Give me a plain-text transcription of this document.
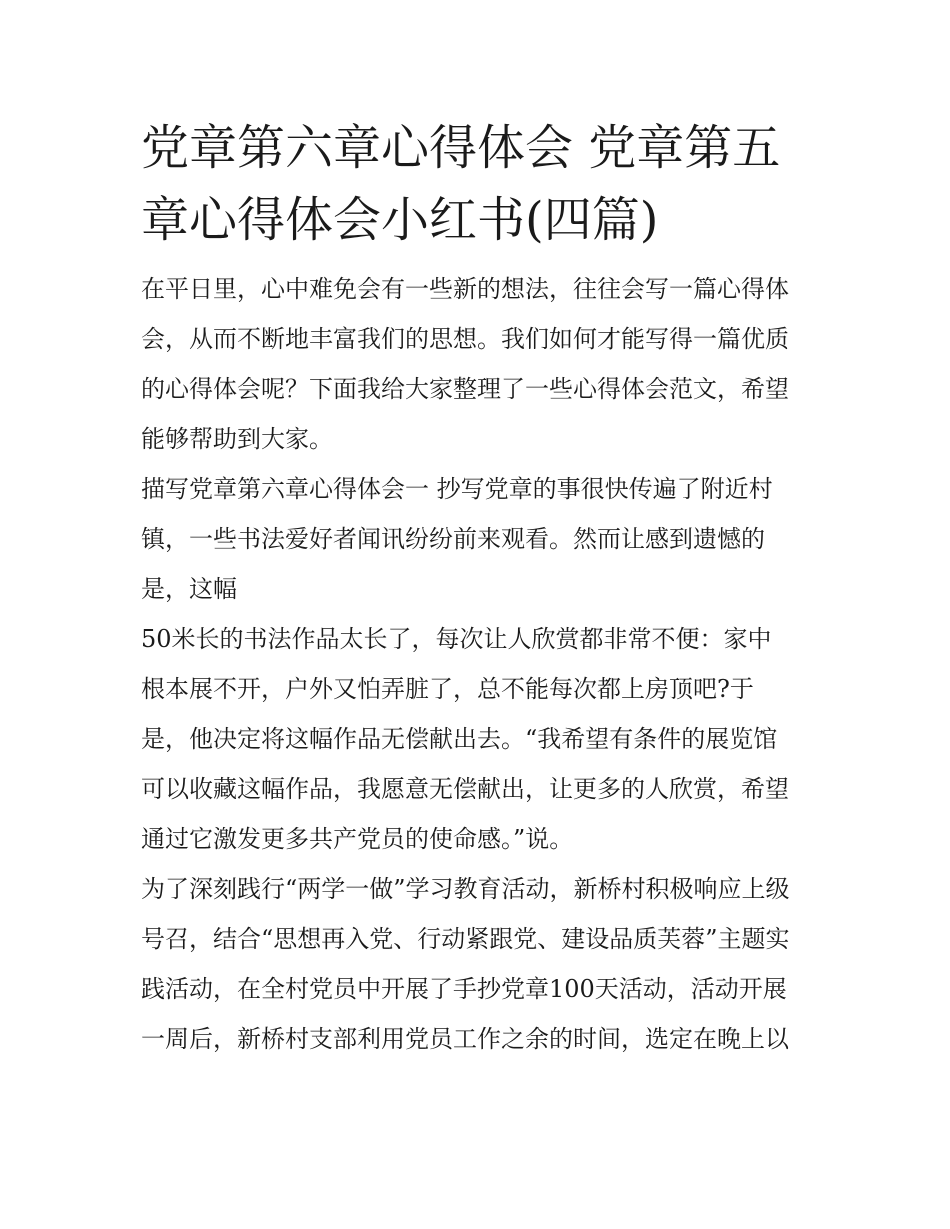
党章第六章心得体会 党章第五
章心得体会小红书(四篇)

在平日里，心中难免会有一些新的想法，往往会写一篇心得体
会，从而不断地丰富我们的思想。我们如何才能写得一篇优质
的心得体会呢？下面我给大家整理了一些心得体会范文，希望
能够帮助到大家。

描写党章第六章心得体会一 抄写党章的事很快传遍了附近村
镇，一些书法爱好者闻讯纷纷前来观看。然而让感到遗憾的
是，这幅

50米长的书法作品太长了，每次让人欣赏都非常不便：家中
根本展不开，户外又怕弄脏了，总不能每次都上房顶吧?于
是，他决定将这幅作品无偿献出去。“我希望有条件的展览馆
可以收藏这幅作品，我愿意无偿献出，让更多的人欣赏，希望
通过它激发更多共产党员的使命感。”说。

为了深刻践行“两学一做”学习教育活动，新桥村积极响应上级
号召，结合“思想再入党、行动紧跟党、建设品质芙蓉”主题实
践活动，在全村党员中开展了手抄党章100天活动，活动开展
一周后，新桥村支部利用党员工作之余的时间，选定在晚上以
